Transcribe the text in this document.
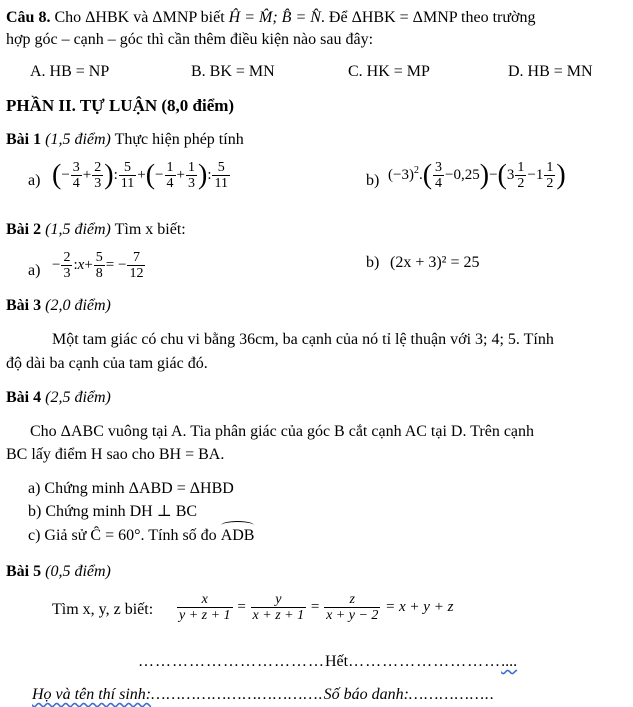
Câu 8. Cho ΔHBK và ΔMNP biết Ĥ = M̂; B̂ = N̂. Để ΔHBK = ΔMNP theo trường
hợp góc – cạnh – góc thì cần thêm điều kiện nào sau đây:
A. HB = NP	B. BK = MN	C. HK = MP	D. HB = MN
PHẦN II. TỰ LUẬN (8,0 điểm)
Bài 1 (1,5 điểm) Thực hiện phép tính
a) (− $\frac{3}{4} + \frac{2}{3}$ ): $\frac{5}{11}$ +(− $\frac{1}{4} + \frac{1}{3}$ ): $\frac{5}{11}$	b) $(-3)^2.( \frac{3}{4} -0,25)-(3 \frac{1}{2} -1 \frac{1}{2}$ )
Bài 2 (1,5 điểm) Tìm x biết:
$a) - \frac{2}{3}$ :x+ $\frac{5}{8}$ = − $\frac{7}{12}$	b) (2x + 3)² = 25
Bài 3 (2,0 điểm)
Một tam giác có chu vi bằng 36cm, ba cạnh của nó tỉ lệ thuận với 3; 4; 5. Tính
độ dài ba cạnh của tam giác đó.
Bài 4 (2,5 điểm)
Cho ΔABC vuông tại A. Tia phân giác của góc B cắt cạnh AC tại D. Trên cạnh
BC lấy điểm H sao cho BH = BA.
a) Chứng minh ΔABD = ΔHBD
b) Chứng minh DH ⊥ BC
c) Giả sử Ĉ = 60°. Tính số đo ADB
Bài 5 (0,5 điểm)
Tìm x, y, z biết: $\frac{x}{y + z + 1} = \frac{y}{x + z + 1} = \frac{z}{x + y - 2} = x + y + z$
……………………………Hết………………………....
Họ và tên thí sinh:…………………………….Số báo danh:……………..
